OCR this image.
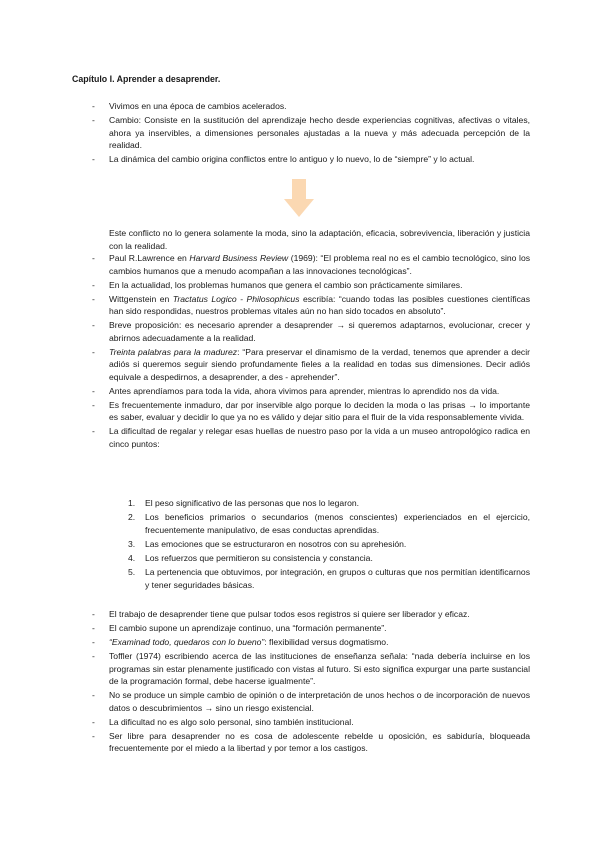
Capítulo I. Aprender a desaprender.
- Vivimos en una época de cambios acelerados.
- Cambio: Consiste en la sustitución del aprendizaje hecho desde experiencias cognitivas, afectivas o vitales, ahora ya inservibles, a dimensiones personales ajustadas a la nueva y más adecuada percepción de la realidad.
- La dinámica del cambio origina conflictos entre lo antiguo y lo nuevo, lo de “siempre” y lo actual.
Este conflicto no lo genera solamente la moda, sino la adaptación, eficacia, sobrevivencia, liberación y justicia con la realidad.
- Paul R.Lawrence en Harvard Business Review (1969): “El problema real no es el cambio tecnológico, sino los cambios humanos que a menudo acompañan a las innovaciones tecnológicas”.
- En la actualidad, los problemas humanos que genera el cambio son prácticamente similares.
- Wittgenstein en Tractatus Logico - Philosophicus escribía: “cuando todas las posibles cuestiones científicas han sido respondidas, nuestros problemas vitales aún no han sido tocados en absoluto”.
- Breve proposición: es necesario aprender a desaprender → si queremos adaptarnos, evolucionar, crecer y abrirnos adecuadamente a la realidad.
- Treinta palabras para la madurez: “Para preservar el dinamismo de la verdad, tenemos que aprender a decir adiós si queremos seguir siendo profundamente fieles a la realidad en todas sus dimensiones. Decir adiós equivale a despedirnos, a desaprender, a des - aprehender”.
- Antes aprendíamos para toda la vida, ahora vivimos para aprender, mientras lo aprendido nos da vida.
- Es frecuentemente inmaduro, dar por inservible algo porque lo deciden la moda o las prisas → lo importante es saber, evaluar y decidir lo que ya no es válido y dejar sitio para el fluir de la vida responsablemente vivida.
- La dificultad de regalar y relegar esas huellas de nuestro paso por la vida a un museo antropológico radica en cinco puntos:
1. El peso significativo de las personas que nos lo legaron.
2. Los beneficios primarios o secundarios (menos conscientes) experienciados en el ejercicio, frecuentemente manipulativo, de esas conductas aprendidas.
3. Las emociones que se estructuraron en nosotros con su aprehesión.
4. Los refuerzos que permitieron su consistencia y constancia.
5. La pertenencia que obtuvimos, por integración, en grupos o culturas que nos permitían identificarnos y tener seguridades básicas.
- El trabajo de desaprender tiene que pulsar todos esos registros si quiere ser liberador y eficaz.
- El cambio supone un aprendizaje continuo, una “formación permanente”.
- “Examinad todo, quedaros con lo bueno”: flexibilidad versus dogmatismo.
- Toffler (1974) escribiendo acerca de las instituciones de enseñanza señala: “nada debería incluirse en los programas sin estar plenamente justificado con vistas al futuro. Si esto significa expurgar una parte sustancial de la programación formal, debe hacerse igualmente”.
- No se produce un simple cambio de opinión o de interpretación de unos hechos o de incorporación de nuevos datos o descubrimientos → sino un riesgo existencial.
- La dificultad no es algo solo personal, sino también institucional.
- Ser libre para desaprender no es cosa de adolescente rebelde u oposición, es sabiduría, bloqueada frecuentemente por el miedo a la libertad y por temor a los castigos.
